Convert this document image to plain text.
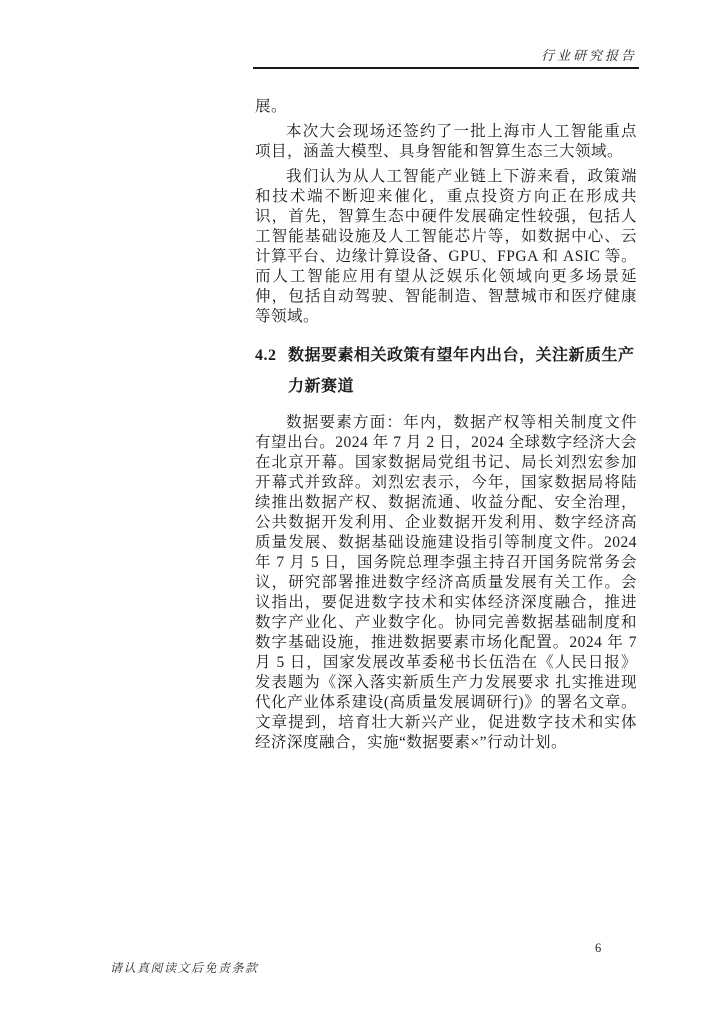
行业研究报告

展。

本次大会现场还签约了一批上海市人工智能重点项目，涵盖大模型、具身智能和智算生态三大领域。

我们认为从人工智能产业链上下游来看，政策端和技术端不断迎来催化，重点投资方向正在形成共识，首先，智算生态中硬件发展确定性较强，包括人工智能基础设施及人工智能芯片等，如数据中心、云计算平台、边缘计算设备、GPU、FPGA 和 ASIC 等。而人工智能应用有望从泛娱乐化领域向更多场景延伸，包括自动驾驶、智能制造、智慧城市和医疗健康等领域。

4.2 数据要素相关政策有望年内出台，关注新质生产力新赛道

数据要素方面：年内，数据产权等相关制度文件有望出台。2024 年 7 月 2 日，2024 全球数字经济大会在北京开幕。国家数据局党组书记、局长刘烈宏参加开幕式并致辞。刘烈宏表示，今年，国家数据局将陆续推出数据产权、数据流通、收益分配、安全治理，公共数据开发利用、企业数据开发利用、数字经济高质量发展、数据基础设施建设指引等制度文件。2024 年 7 月 5 日，国务院总理李强主持召开国务院常务会议，研究部署推进数字经济高质量发展有关工作。会议指出，要促进数字技术和实体经济深度融合，推进数字产业化、产业数字化。协同完善数据基础制度和数字基础设施，推进数据要素市场化配置。2024 年 7 月 5 日，国家发展改革委秘书长伍浩在《人民日报》发表题为《深入落实新质生产力发展要求 扎实推进现代化产业体系建设(高质量发展调研行)》的署名文章。文章提到，培育壮大新兴产业，促进数字技术和实体经济深度融合，实施“数据要素×”行动计划。

请认真阅读文后免责条款
6
